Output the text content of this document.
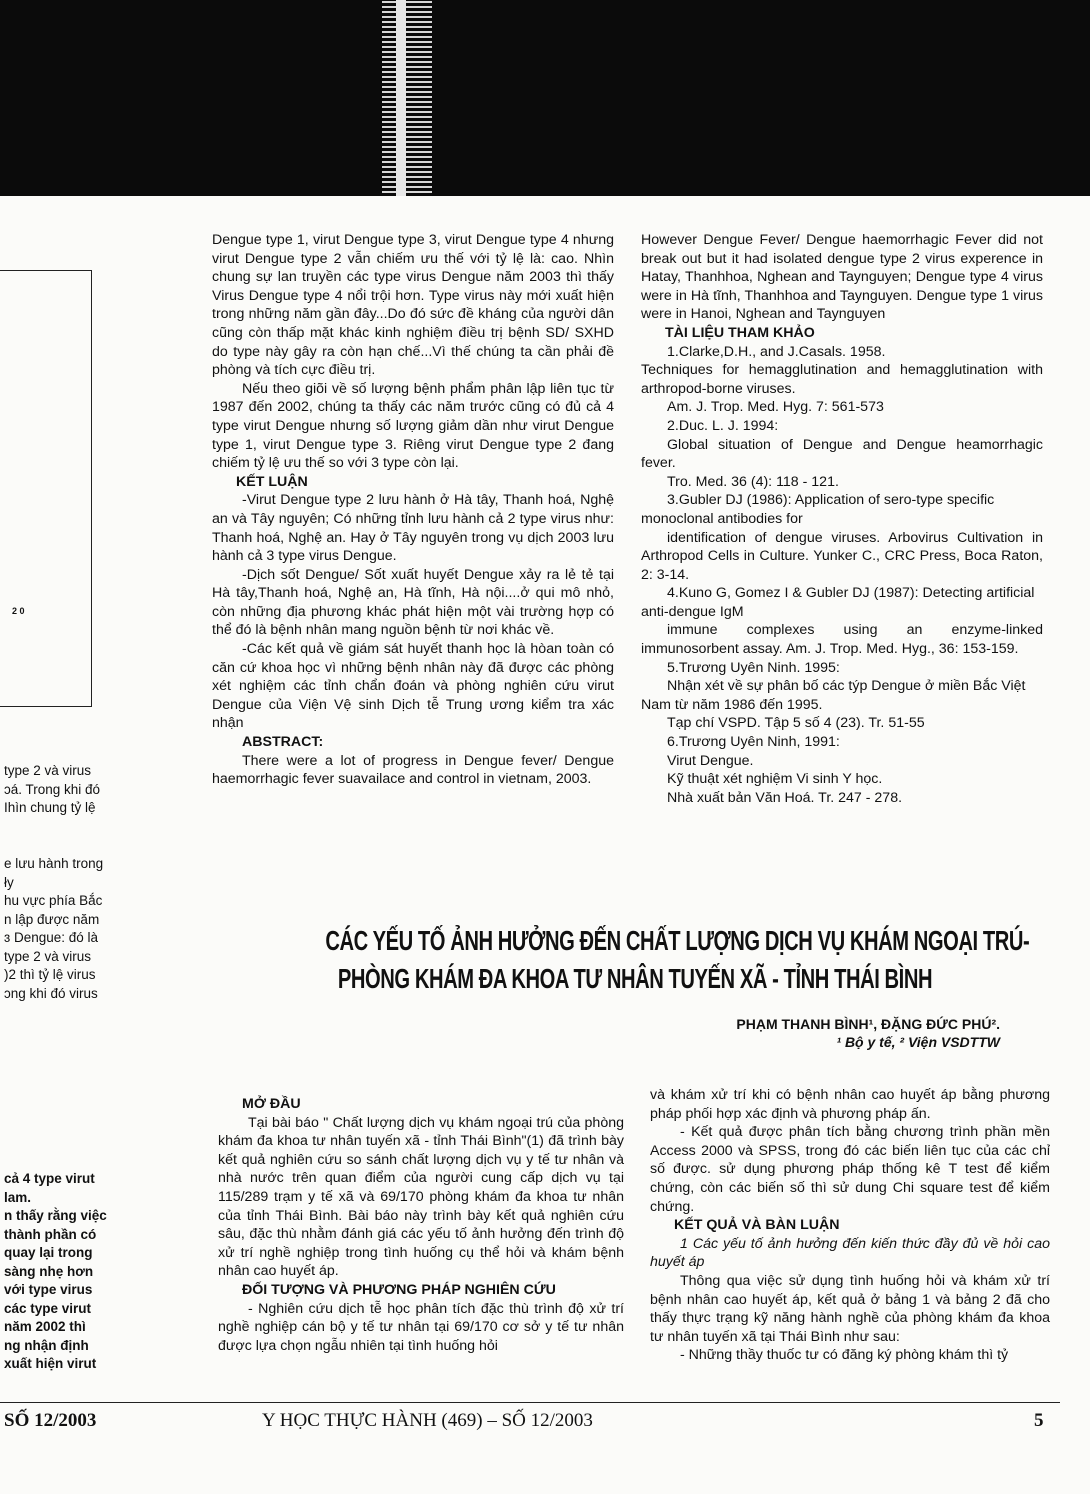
2 0
type 2 và virus
ɔá. Trong khi đó
Ihìn chung tỷ lệ
e lưu hành trong
ły
hu vực phía Bắc
n lập được năm
ɜ Dengue: đó là
type 2 và virus
)2 thì tỷ lệ virus
ɔng khi đó virus
cả 4 type virut
lam.
n thấy rằng việc
thành phần có
quay lại trong
sàng nhẹ hơn
với type virus
các type virut
năm 2002 thì
ng nhận định
xuất hiện virut

Dengue type 1, virut Dengue type 3, virut Dengue type 4 nhưng virut Dengue type 2 vẫn chiếm ưu thế với tỷ lệ là: cao. Nhìn chung sự lan truyền các type virus Dengue năm 2003 thì thấy Virus Dengue type 4 nổi trội hơn. Type virus này mới xuất hiện trong những năm gần đây...Do đó sức đề kháng của người dân cũng còn thấp mặt khác kinh nghiệm điều trị bệnh SD/ SXHD do type này gây ra còn hạn chế...Vì thế chúng ta cần phải đề phòng và tích cực điều trị.

Nếu theo giõi về số lượng bệnh phẩm phân lập liên tục từ 1987 đến 2002, chúng ta thấy các năm trước cũng có đủ cả 4 type virut Dengue nhưng số lượng giảm dần như virut Dengue type 1, virut Dengue type 3. Riêng virut Dengue type 2 đang chiếm tỷ lệ ưu thế so với 3 type còn lại.

KẾT LUẬN

-Virut Dengue type 2 lưu hành ở Hà tây, Thanh hoá, Nghệ an và Tây nguyên; Có những tỉnh lưu hành cả 2 type virus như: Thanh hoá, Nghệ an. Hay ở Tây nguyên trong vụ dịch 2003 lưu hành cả 3 type virus Dengue.

-Dịch sốt Dengue/ Sốt xuất huyết Dengue xảy ra lẻ tẻ tại Hà tây,Thanh hoá, Nghệ an, Hà tĩnh, Hà nội....ở qui mô nhỏ, còn những địa phương khác phát hiện một vài trường hợp có thể đó là bệnh nhân mang nguồn bệnh từ nơi khác về.

-Các kết quả về giám sát huyết thanh học là hòan toàn có căn cứ khoa học vì những bệnh nhân này đã được các phòng xét nghiệm các tỉnh chẩn đoán và phòng nghiên cứu virut Dengue của Viện Vệ sinh Dịch tễ Trung ương kiểm tra xác nhận

ABSTRACT:

There were a lot of progress in Dengue fever/ Dengue haemorrhagic fever suavailace and control in vietnam, 2003.

However Dengue Fever/ Dengue haemorrhagic Fever did not break out but it had isolated dengue type 2 virus experence in Hatay, Thanhhoa, Nghean and Taynguyen; Dengue type 4 virus were in Hà tĩnh, Thanhhoa and Taynguyen. Dengue type 1 virus were in Hanoi, Nghean and Taynguyen

TÀI LIỆU THAM KHẢO

1.Clarke,D.H., and J.Casals. 1958.

Techniques for hemagglutination and hemagglutination with arthropod-borne viruses.

Am. J. Trop. Med. Hyg. 7: 561-573

2.Duc. L. J. 1994:

Global situation of Dengue and Dengue heamorrhagic fever.

Tro. Med. 36 (4): 118 - 121.

3.Gubler DJ (1986): Application of sero-type specific monoclonal antibodies for

identification of dengue viruses. Arbovirus Cultivation in Arthropod Cells in Culture. Yunker C., CRC Press, Boca Raton, 2: 3-14.

4.Kuno G, Gomez I & Gubler DJ (1987): Detecting artificial anti-dengue IgM

immune complexes using an enzyme-linked immunosorbent assay. Am. J. Trop. Med. Hyg., 36: 153-159.

5.Trương Uyên Ninh. 1995:

Nhận xét về sự phân bố các týp Dengue ở miền Bắc Việt Nam từ năm 1986 đến 1995.

Tạp chí VSPD. Tập 5 số 4 (23). Tr. 51-55

6.Trương Uyên Ninh, 1991:

Virut Dengue.

Kỹ thuật xét nghiệm Vi sinh Y học.

Nhà xuất bản Văn Hoá. Tr. 247 - 278.

CÁC YẾU TỐ ẢNH HƯỞNG ĐẾN CHẤT LƯỢNG DỊCH VỤ KHÁM NGOẠI TRÚ-
PHÒNG KHÁM ĐA KHOA TƯ NHÂN TUYẾN XÃ - TỈNH THÁI BÌNH
PHẠM THANH BÌNH¹, ĐẶNG ĐỨC PHÚ².
¹ Bộ y tế, ² Viện VSDTTW

MỞ ĐẦU

Tại bài báo " Chất lượng dịch vụ khám ngoại trú của phòng khám đa khoa tư nhân tuyến xã - tỉnh Thái Bình"(1) đã trình bày kết quả nghiên cứu so sánh chất lượng dịch vụ y tế tư nhân và nhà nước trên quan điểm của người cung cấp dịch vụ tại 115/289 trạm y tế xã và 69/170 phòng khám đa khoa tư nhân của tỉnh Thái Bình. Bài báo này trình bày kết quả nghiên cứu sâu, đặc thù nhằm đánh giá các yếu tố ảnh hưởng đến trình độ xử trí nghề nghiệp trong tình huống cụ thể hỏi và khám bệnh nhân cao huyết áp.

ĐỐI TƯỢNG VÀ PHƯƠNG PHÁP NGHIÊN CỨU

- Nghiên cứu dịch tễ học phân tích đặc thù trình độ xử trí nghề nghiệp cán bộ y tế tư nhân tại 69/170 cơ sở y tế tư nhân được lựa chọn ngẫu nhiên tại tình huống hỏi

và khám xử trí khi có bệnh nhân cao huyết áp bằng phương pháp phối hợp xác định và phương pháp ấn.

- Kết quả được phân tích bằng chương trình phần mền Access 2000 và SPSS, trong đó các biến liên tục của các chỉ số được. sử dụng phương pháp thống kê T test để kiểm chứng, còn các biến số thì sử dung Chi square test để kiểm chứng.

KẾT QUẢ VÀ BÀN LUẬN

1 Các yếu tố ảnh hưởng đến kiến thức đầy đủ về hỏi cao huyết áp

Thông qua việc sử dụng tình huống hỏi và khám xử trí bệnh nhân cao huyết áp, kết quả ở bảng 1 và bảng 2 đã cho thấy thực trạng kỹ năng hành nghề của phòng khám đa khoa tư nhân tuyến xã tại Thái Bình như sau:

- Những thầy thuốc tư có đăng ký phòng khám thì tỷ

SỐ 12/2003	Y HỌC THỰC HÀNH (469) – SỐ 12/2003	5
